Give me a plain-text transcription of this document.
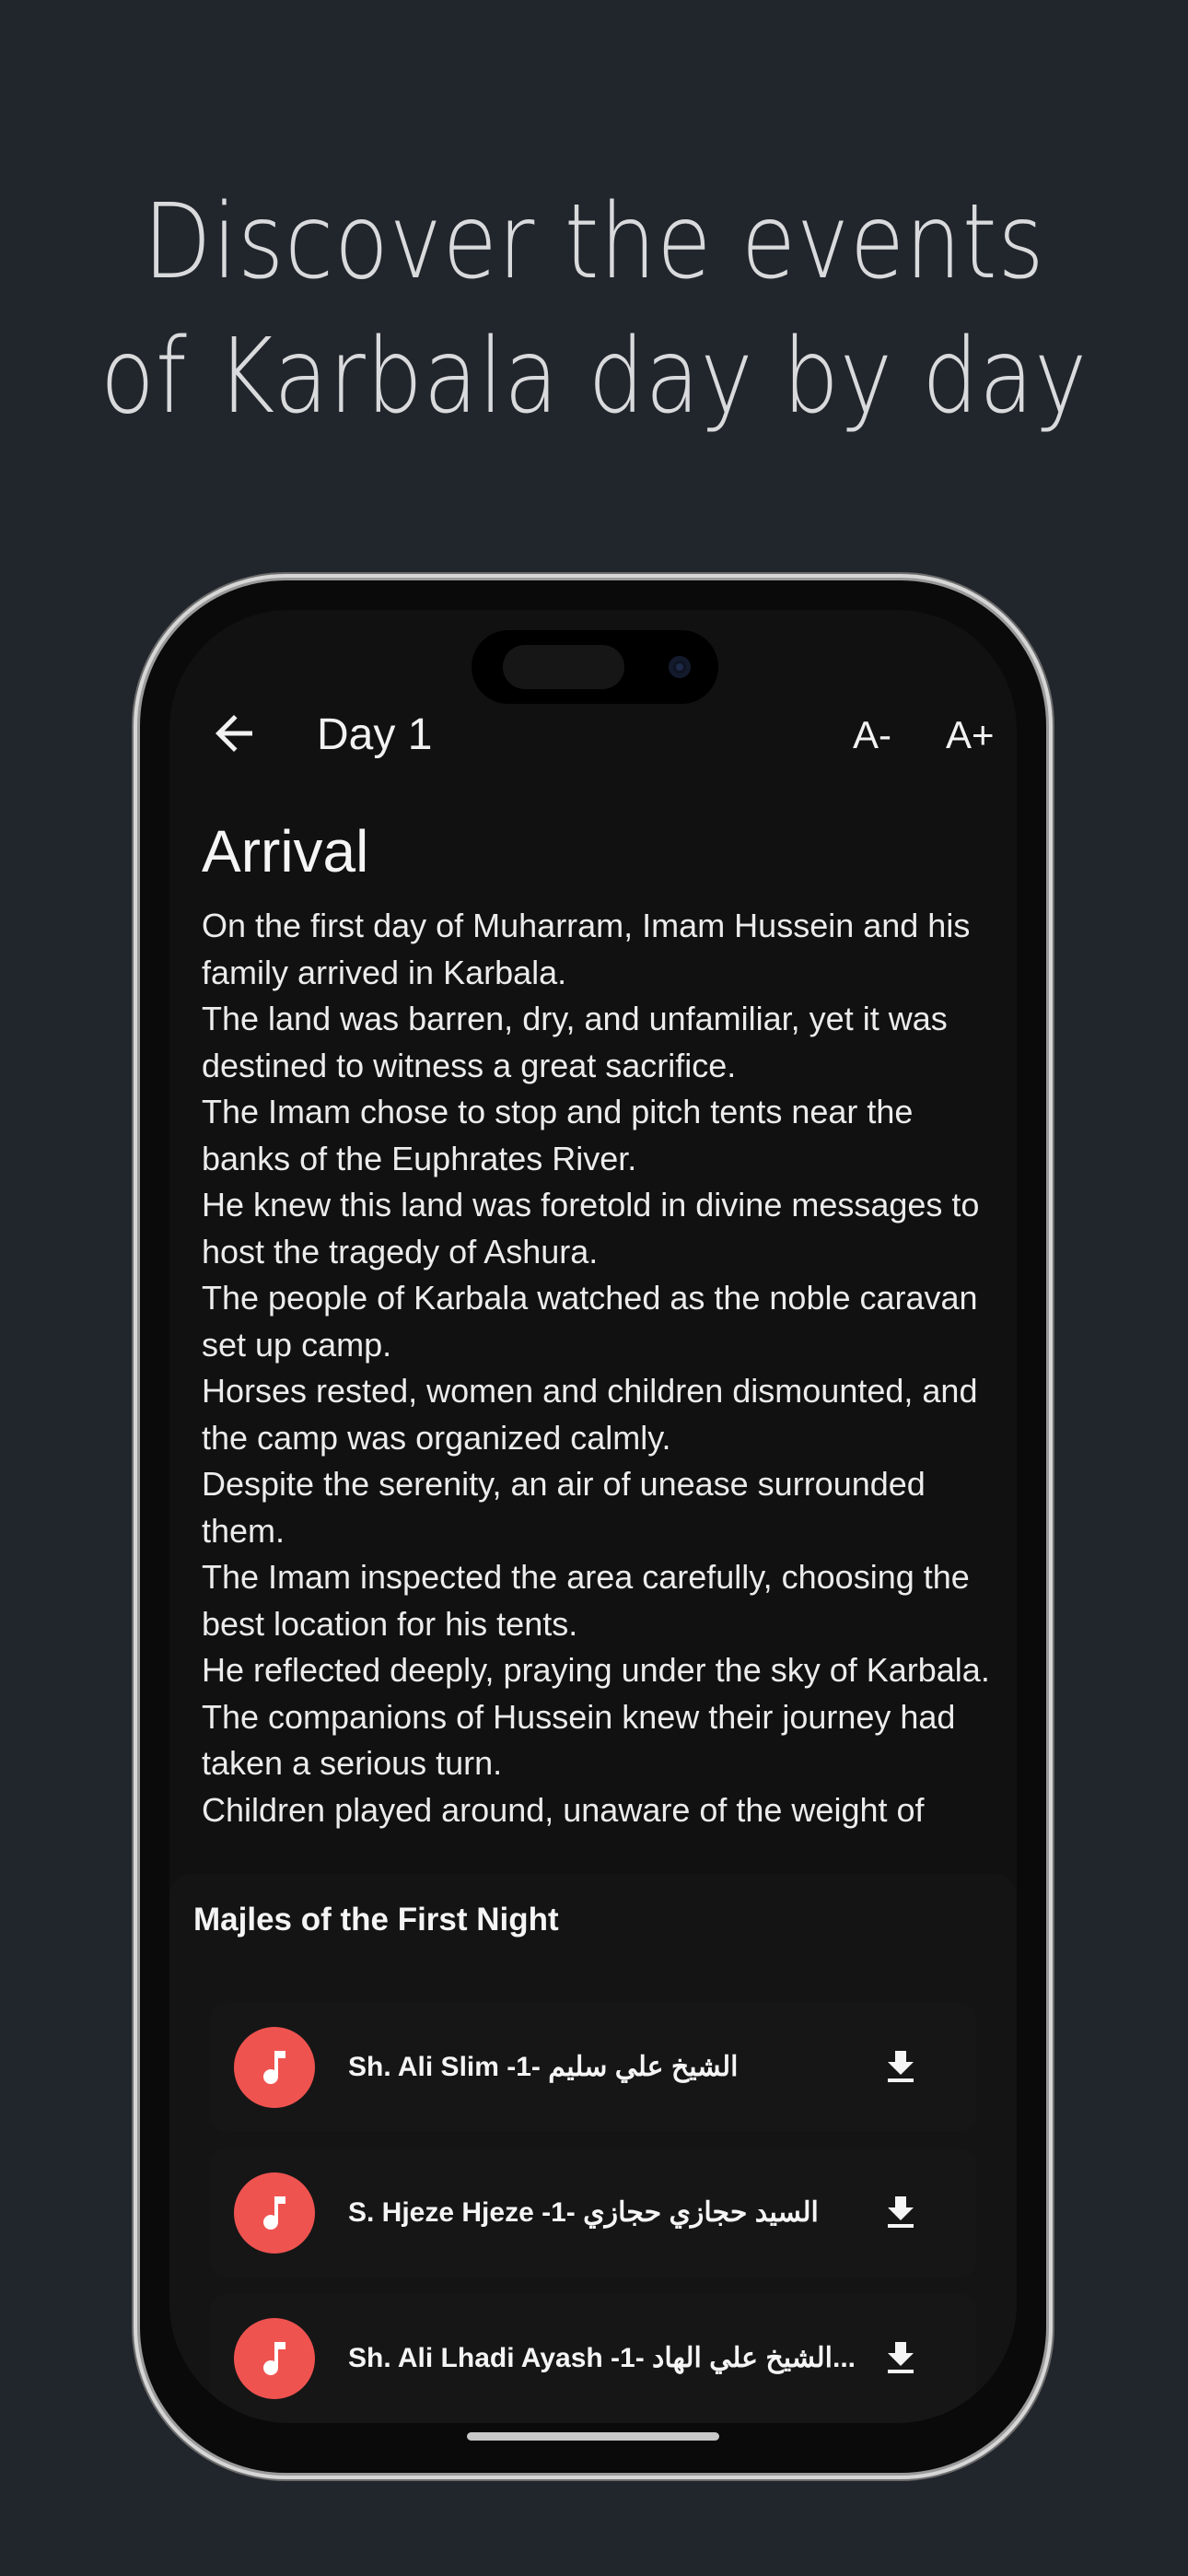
Discover the events
of Karbala day by day
Day 1	A- A+
Arrival

On the first day of Muharram, Imam Hussein and his family arrived in Karbala.

The land was barren, dry, and unfamiliar, yet it was destined to witness a great sacrifice.

The Imam chose to stop and pitch tents near the banks of the Euphrates River.

He knew this land was foretold in divine messages to host the tragedy of Ashura.

The people of Karbala watched as the noble caravan set up camp.

Horses rested, women and children dismounted, and the camp was organized calmly.

Despite the serenity, an air of unease surrounded them.

The Imam inspected the area carefully, choosing the best location for his tents.

He reflected deeply, praying under the sky of Karbala.

The companions of Hussein knew their journey had taken a serious turn.

Children played around, unaware of the weight of

Majles of the First Night
Sh. Ali Slim -1- الشيخ علي سليم
S. Hjeze Hjeze -1- السيد حجازي حجازي
Sh. Ali Lhadi Ayash -1- الشيخ علي الهاد...
